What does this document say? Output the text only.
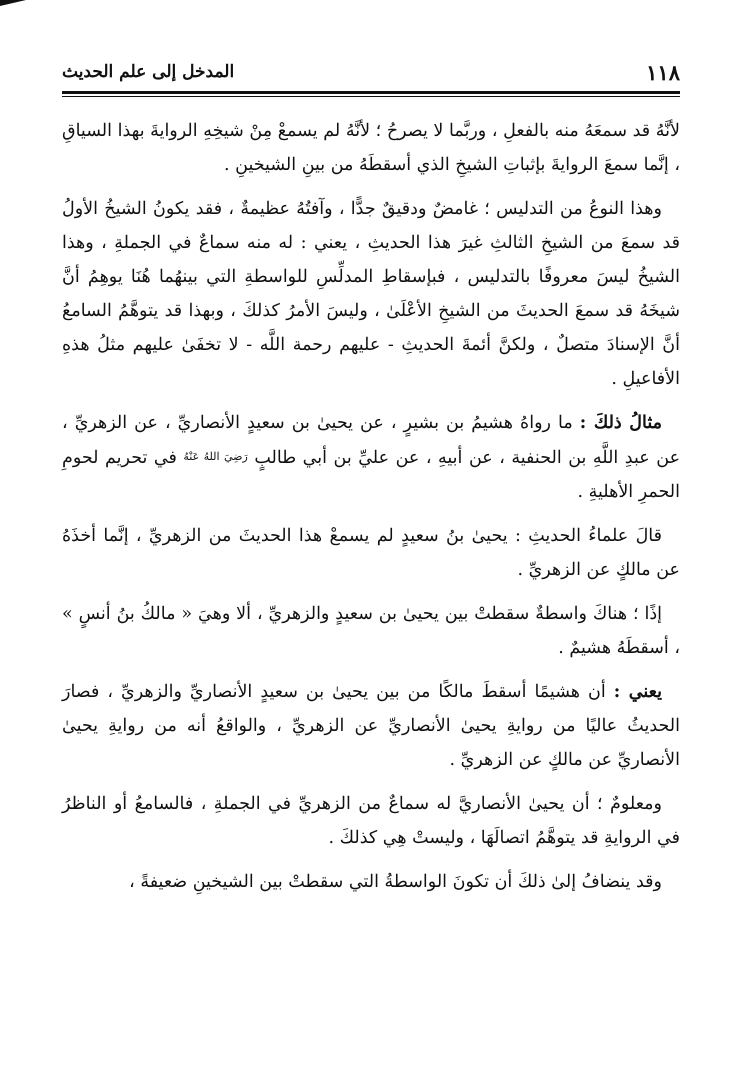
١١٨
المدخل إلى علم الحديث

لأنَّهُ قد سمعَهُ منه بالفعلِ ، وربَّما لا يصرحُ ؛ لأنَّهُ لم يسمعْ مِنْ شيخِهِ الروايةَ بهذا السياقِ ، إنَّما سمعَ الروايةَ بإثباتِ الشيخِ الذي أسقطَهُ من بينِ الشيخينِ .

وهذا النوعُ من التدليس ؛ غامضٌ ودقيقٌ جدًّا ، وآفتُهُ عظيمةٌ ، فقد يكونُ الشيخُ الأولُ قد سمعَ من الشيخِ الثالثِ غيرَ هذا الحديثِ ، يعني : له منه سماعٌ في الجملةِ ، وهذا الشيخُ ليسَ معروفًا بالتدليس ، فبإسقاطِ المدلِّسِ للواسطةِ التي بينهُما هُنَا يوهِمُ أنَّ شيخَهُ قد سمعَ الحديثَ من الشيخِ الأعْلَىٰ ، وليسَ الأمرُ كذلكَ ، وبهذا قد يتوهَّمُ السامعُ أنَّ الإسنادَ متصلٌ ، ولكنَّ أئمةَ الحديثِ - عليهم رحمة اللَّه - لا تخفَىٰ عليهم مثلُ هذهِ الأفاعيلِ .

مثالُ ذلكَ : ما رواهُ هشيمُ بن بشيرٍ ، عن يحيىٰ بن سعيدٍ الأنصاريِّ ، عن الزهريِّ ، عن عبدِ اللَّهِ بن الحنفية ، عن أبيهِ ، عن عليِّ بن أبي طالبٍ رَضِيَ اللهُ عَنْهُ في تحريم لحومِ الحمرِ الأهليةِ .

قالَ علماءُ الحديثِ : يحيىٰ بنُ سعيدٍ لم يسمعْ هذا الحديثَ من الزهريِّ ، إنَّما أخذَهُ عن مالكٍ عن الزهريِّ .

إذًا ؛ هناكَ واسطةٌ سقطتْ بين يحيىٰ بن سعيدٍ والزهريِّ ، ألا وهيَ « مالكُ بنُ أنسٍ » ، أسقطَهُ هشيمٌ .

يعني : أن هشيمًا أسقطَ مالكًا من بين يحيىٰ بن سعيدٍ الأنصاريِّ والزهريِّ ، فصارَ الحديثُ عاليًا من روايةِ يحيىٰ الأنصاريِّ عن الزهريِّ ، والواقعُ أنه من روايةِ يحيىٰ الأنصاريِّ عن مالكٍ عن الزهريِّ .

ومعلومٌ ؛ أن يحيىٰ الأنصاريَّ له سماعٌ من الزهريِّ في الجملةِ ، فالسامعُ أو الناظرُ في الروايةِ قد يتوهَّمُ اتصالَهَا ، وليستْ هِي كذلكَ .

وقد ينضافُ إلىٰ ذلكَ أن تكونَ الواسطةُ التي سقطتْ بين الشيخينِ ضعيفةً ،
